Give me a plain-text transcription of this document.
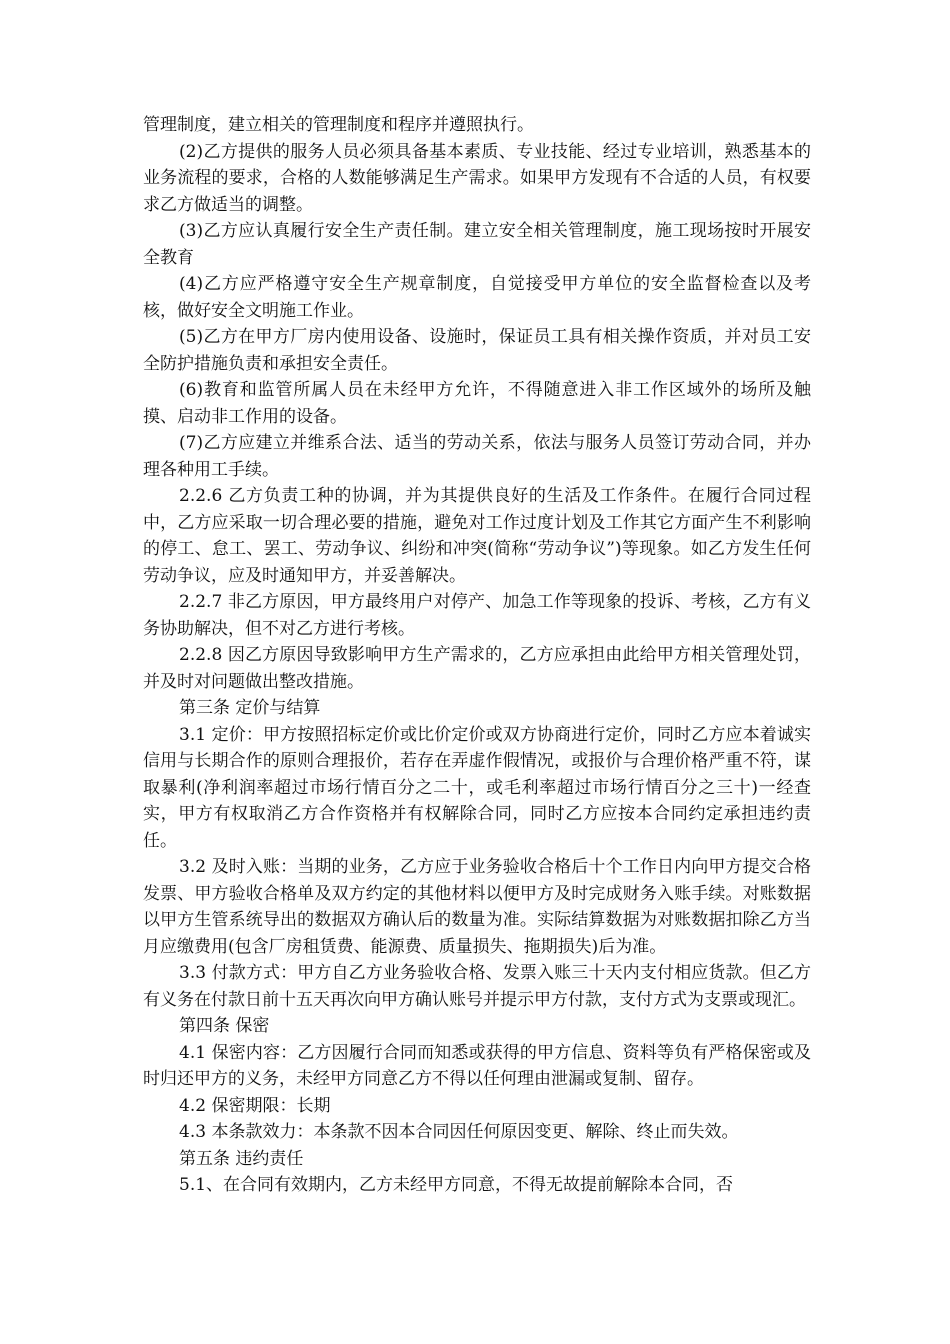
管理制度，建立相关的管理制度和程序并遵照执行。

(2)乙方提供的服务人员必须具备基本素质、专业技能、经过专业培训，熟悉基本的业务流程的要求，合格的人数能够满足生产需求。如果甲方发现有不合适的人员，有权要求乙方做适当的调整。

(3)乙方应认真履行安全生产责任制。建立安全相关管理制度，施工现场按时开展安全教育

(4)乙方应严格遵守安全生产规章制度，自觉接受甲方单位的安全监督检查以及考核，做好安全文明施工作业。

(5)乙方在甲方厂房内使用设备、设施时，保证员工具有相关操作资质，并对员工安全防护措施负责和承担安全责任。

(6)教育和监管所属人员在未经甲方允许，不得随意进入非工作区域外的场所及触摸、启动非工作用的设备。

(7)乙方应建立并维系合法、适当的劳动关系，依法与服务人员签订劳动合同，并办理各种用工手续。

2.2.6 乙方负责工种的协调，并为其提供良好的生活及工作条件。在履行合同过程中，乙方应采取一切合理必要的措施，避免对工作过度计划及工作其它方面产生不利影响的停工、怠工、罢工、劳动争议、纠纷和冲突(简称“劳动争议”)等现象。如乙方发生任何劳动争议，应及时通知甲方，并妥善解决。

2.2.7 非乙方原因，甲方最终用户对停产、加急工作等现象的投诉、考核，乙方有义务协助解决，但不对乙方进行考核。

2.2.8 因乙方原因导致影响甲方生产需求的，乙方应承担由此给甲方相关管理处罚，并及时对问题做出整改措施。

第三条 定价与结算

3.1 定价：甲方按照招标定价或比价定价或双方协商进行定价，同时乙方应本着诚实信用与长期合作的原则合理报价，若存在弄虚作假情况，或报价与合理价格严重不符，谋取暴利(净利润率超过市场行情百分之二十，或毛利率超过市场行情百分之三十)一经查实，甲方有权取消乙方合作资格并有权解除合同，同时乙方应按本合同约定承担违约责任。

3.2 及时入账：当期的业务，乙方应于业务验收合格后十个工作日内向甲方提交合格发票、甲方验收合格单及双方约定的其他材料以便甲方及时完成财务入账手续。对账数据以甲方生管系统导出的数据双方确认后的数量为准。实际结算数据为对账数据扣除乙方当月应缴费用(包含厂房租赁费、能源费、质量损失、拖期损失)后为准。

3.3 付款方式：甲方自乙方业务验收合格、发票入账三十天内支付相应货款。但乙方有义务在付款日前十五天再次向甲方确认账号并提示甲方付款，支付方式为支票或现汇。

第四条 保密

4.1 保密内容：乙方因履行合同而知悉或获得的甲方信息、资料等负有严格保密或及时归还甲方的义务，未经甲方同意乙方不得以任何理由泄漏或复制、留存。

4.2 保密期限：长期

4.3 本条款效力：本条款不因本合同因任何原因变更、解除、终止而失效。

第五条 违约责任

5.1、在合同有效期内，乙方未经甲方同意，不得无故提前解除本合同，否
